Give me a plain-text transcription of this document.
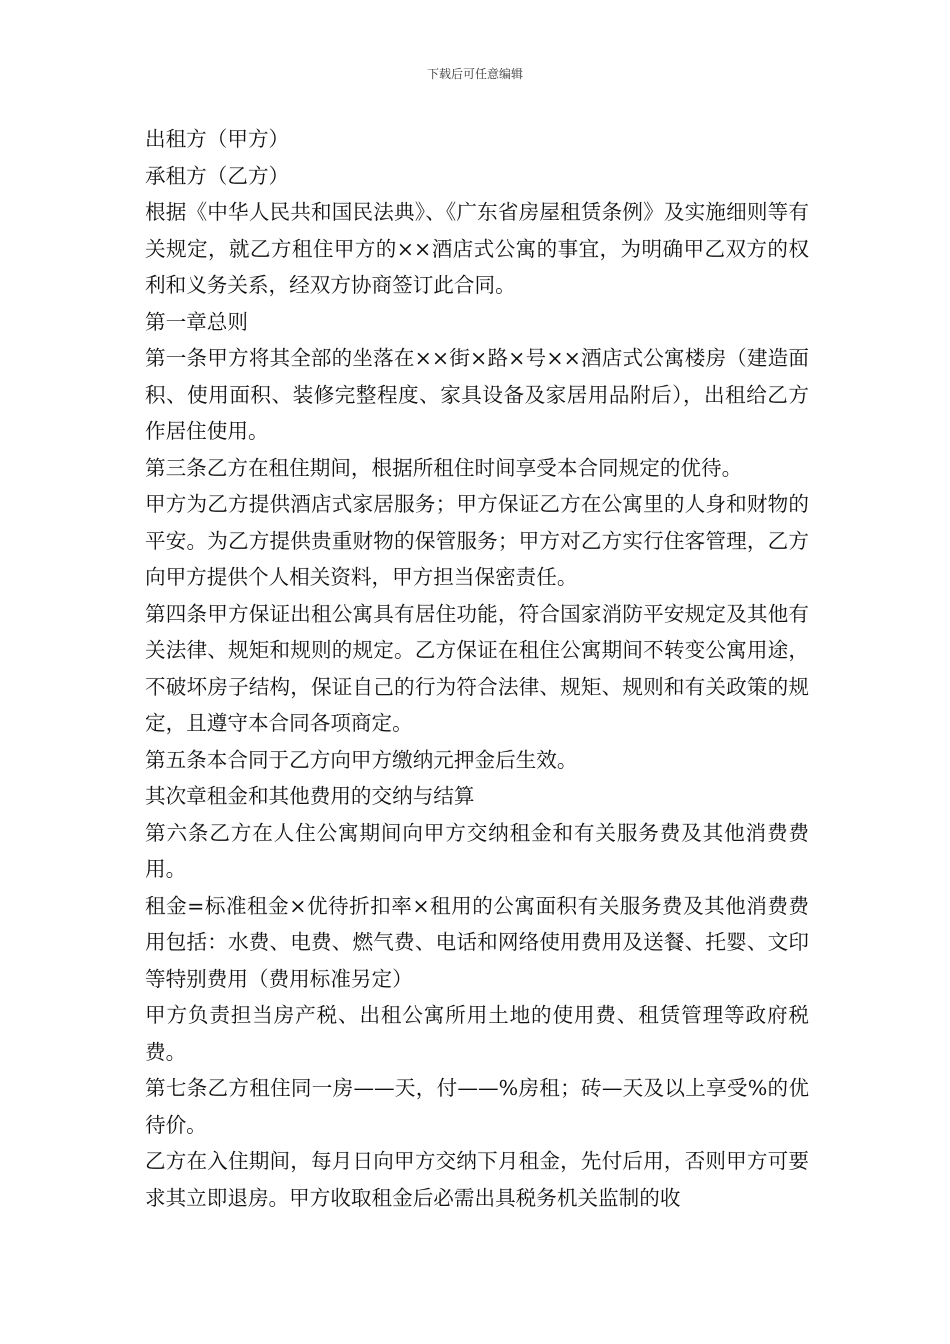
下载后可任意编辑

出租方（甲方）

承租方（乙方）

根据《中华人民共和国民法典》、《广东省房屋租赁条例》及实施细则等有关规定，就乙方租住甲方的××酒店式公寓的事宜，为明确甲乙双方的权利和义务关系，经双方协商签订此合同。

第一章总则

第一条甲方将其全部的坐落在××街×路×号××酒店式公寓楼房（建造面积、使用面积、装修完整程度、家具设备及家居用品附后），出租给乙方作居住使用。

第三条乙方在租住期间，根据所租住时间享受本合同规定的优待。

甲方为乙方提供酒店式家居服务；甲方保证乙方在公寓里的人身和财物的平安。为乙方提供贵重财物的保管服务；甲方对乙方实行住客管理，乙方向甲方提供个人相关资料，甲方担当保密责任。

第四条甲方保证出租公寓具有居住功能，符合国家消防平安规定及其他有关法律、规矩和规则的规定。乙方保证在租住公寓期间不转变公寓用途，不破坏房子结构，保证自己的行为符合法律、规矩、规则和有关政策的规定，且遵守本合同各项商定。

第五条本合同于乙方向甲方缴纳元押金后生效。

其次章租金和其他费用的交纳与结算

第六条乙方在人住公寓期间向甲方交纳租金和有关服务费及其他消费费用。

租金=标准租金×优待折扣率×租用的公寓面积有关服务费及其他消费费用包括：水费、电费、燃气费、电话和网络使用费用及送餐、托婴、文印等特别费用（费用标准另定）

甲方负责担当房产税、出租公寓所用土地的使用费、租赁管理等政府税费。

第七条乙方租住同一房——天，付——%房租；砖—天及以上享受%的优待价。

乙方在入住期间，每月日向甲方交纳下月租金，先付后用，否则甲方可要求其立即退房。甲方收取租金后必需出具税务机关监制的收
